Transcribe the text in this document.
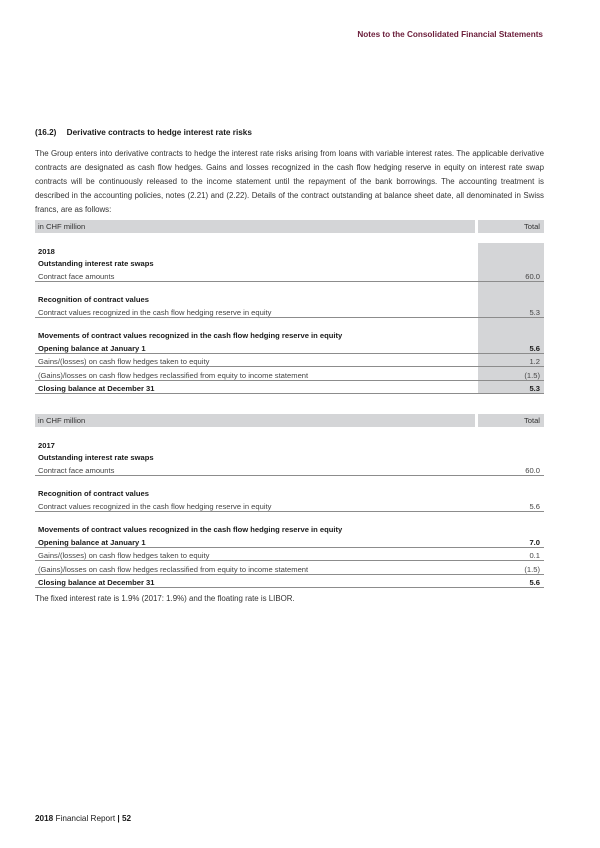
Notes to the Consolidated Financial Statements
(16.2) Derivative contracts to hedge interest rate risks

The Group enters into derivative contracts to hedge the interest rate risks arising from loans with variable interest rates. The applicable derivative contracts are designated as cash flow hedges. Gains and losses recognized in the cash flow hedging reserve in equity on interest rate swap contracts will be continuously released to the income statement until the repayment of the bank borrowings. The accounting treatment is described in the accounting policies, notes (2.21) and (2.22). Details of the contract outstanding at balance sheet date, all denominated in Swiss francs, are as follows:

in CHF million		Total

2018		
Outstanding interest rate swaps		
Contract face amounts		60.0

Recognition of contract values		
Contract values recognized in the cash flow hedging reserve in equity		5.3

Movements of contract values recognized in the cash flow hedging reserve in equity		
Opening balance at January 1		5.6
Gains/(losses) on cash flow hedges taken to equity		1.2
(Gains)/losses on cash flow hedges reclassified from equity to income statement		(1.5)
Closing balance at December 31		5.3
in CHF million		Total

2017		
Outstanding interest rate swaps		
Contract face amounts		60.0

Recognition of contract values		
Contract values recognized in the cash flow hedging reserve in equity		5.6

Movements of contract values recognized in the cash flow hedging reserve in equity		
Opening balance at January 1		7.0
Gains/(losses) on cash flow hedges taken to equity		0.1
(Gains)/losses on cash flow hedges reclassified from equity to income statement		(1.5)
Closing balance at December 31		5.6

The fixed interest rate is 1.9% (2017: 1.9%) and the floating rate is LIBOR.

2018 Financial Report | 52
